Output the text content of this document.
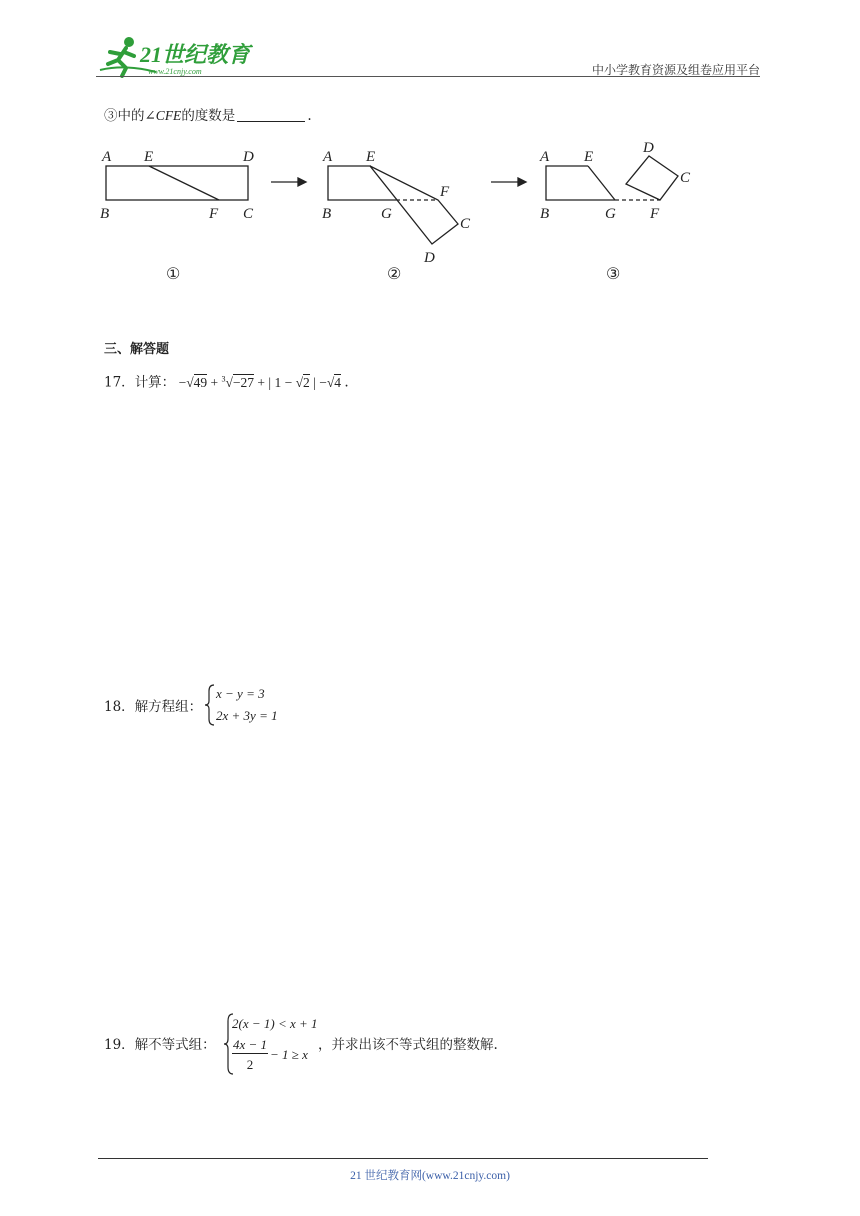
21世纪教育
www.21cnjy.com	中小学教育资源及组卷应用平台
③中的∠CFE的度数是	.
A E	D
B	F C
A E
F
B	G
C
D
A E
D
C
B	G F
①	②	③
三、解答题
17．计算： −√49 + $^3$√−27 + | 1 − √2 | −√4 .
18．解方程组：
x − y = 3
2x + 3y = 1
19．解不等式组：
2(x − 1) < x + 1
4x − 1
2
− 1 ≥ x
，并求出该不等式组的整数解.
21 世纪教育网(www.21cnjy.com)
